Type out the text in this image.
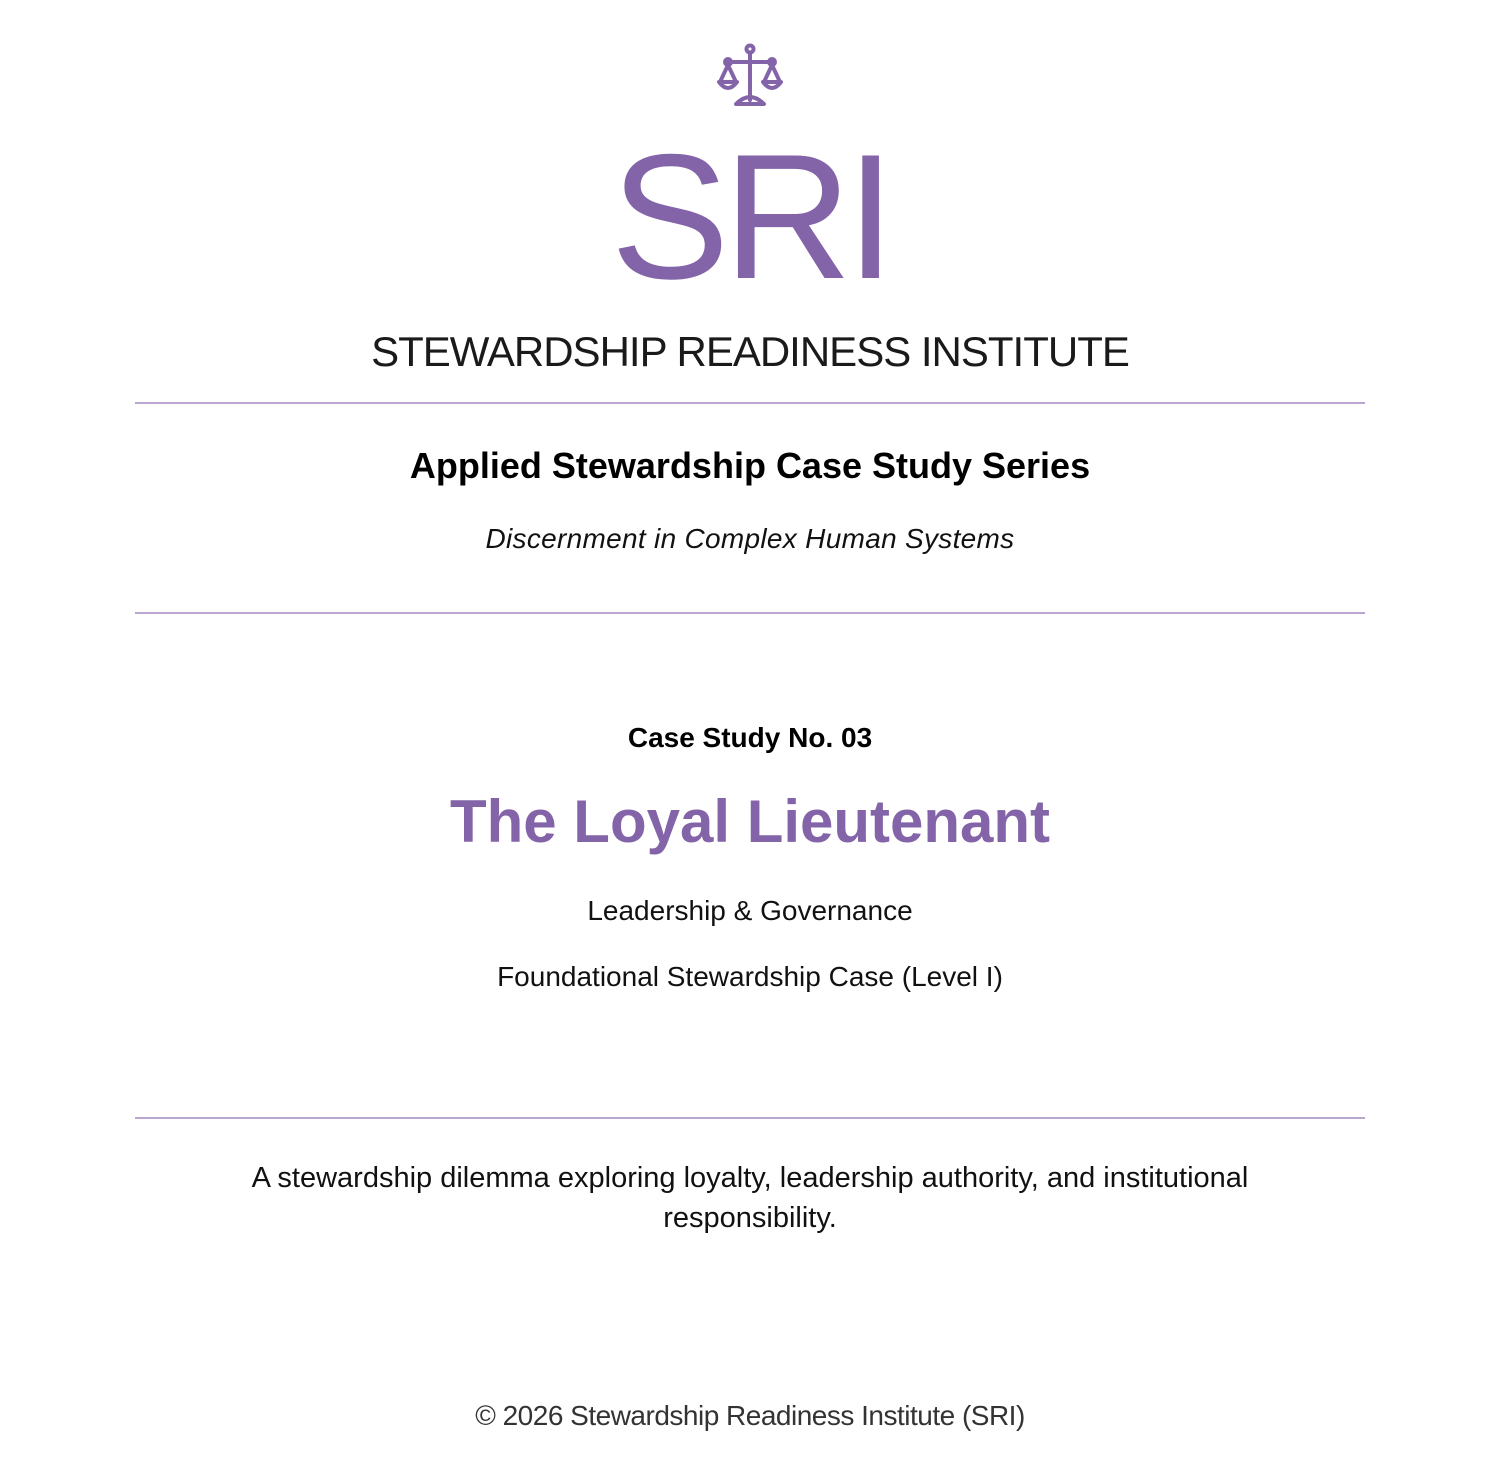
SRI
STEWARDSHIP READINESS INSTITUTE
Applied Stewardship Case Study Series
Discernment in Complex Human Systems
Case Study No. 03
The Loyal Lieutenant
Leadership & Governance
Foundational Stewardship Case (Level I)
A stewardship dilemma exploring loyalty, leadership authority, and institutional responsibility.
© 2026 Stewardship Readiness Institute (SRI)
